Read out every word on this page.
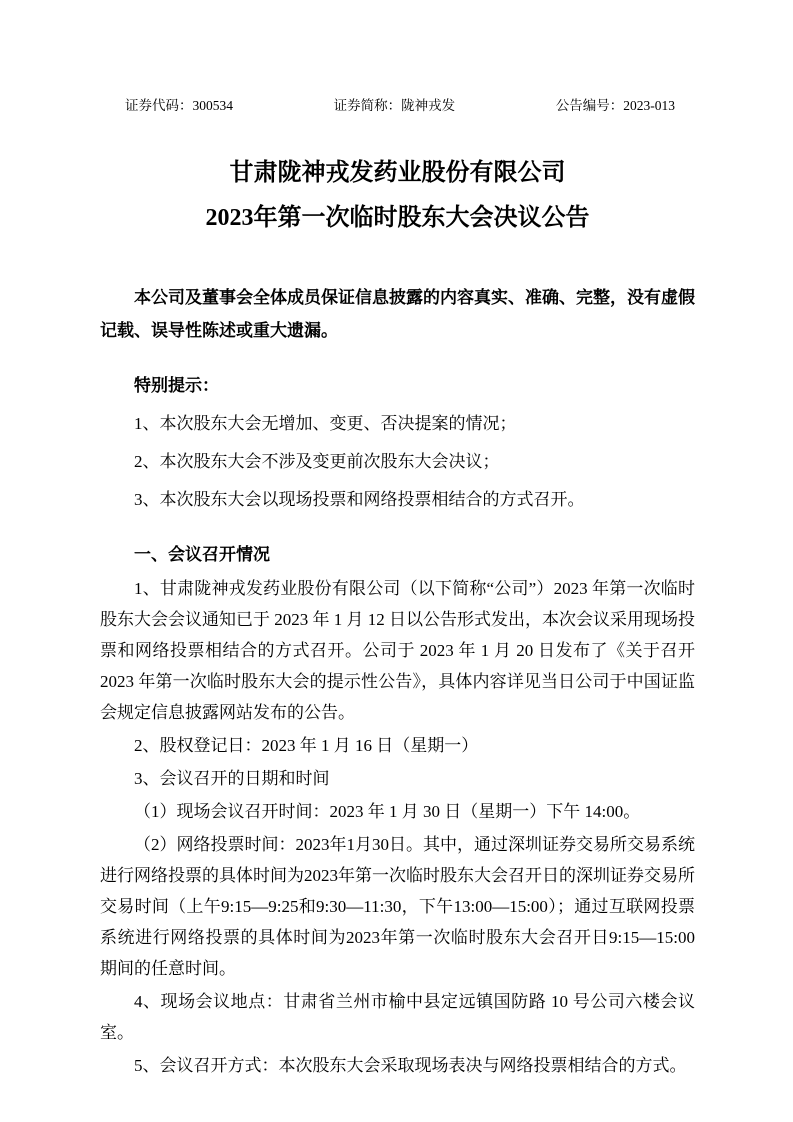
证券代码：300534	证券简称：陇神戎发	公告编号：2023-013
甘肃陇神戎发药业股份有限公司
2023年第一次临时股东大会决议公告

本公司及董事会全体成员保证信息披露的内容真实、准确、完整，没有虚假记载、误导性陈述或重大遗漏。

特别提示：

1、本次股东大会无增加、变更、否决提案的情况；

2、本次股东大会不涉及变更前次股东大会决议；

3、本次股东大会以现场投票和网络投票相结合的方式召开。

一、会议召开情况

1、甘肃陇神戎发药业股份有限公司（以下简称“公司”）2023 年第一次临时股东大会会议通知已于 2023 年 1 月 12 日以公告形式发出，本次会议采用现场投票和网络投票相结合的方式召开。公司于 2023 年 1 月 20 日发布了《关于召开 2023 年第一次临时股东大会的提示性公告》，具体内容详见当日公司于中国证监会规定信息披露网站发布的公告。

2、股权登记日：2023 年 1 月 16 日（星期一）

3、会议召开的日期和时间

（1）现场会议召开时间：2023 年 1 月 30 日（星期一）下午 14:00。

（2）网络投票时间：2023年1月30日。其中，通过深圳证券交易所交易系统进行网络投票的具体时间为2023年第一次临时股东大会召开日的深圳证券交易所交易时间（上午9:15—9:25和9:30—11:30，下午13:00—15:00）；通过互联网投票系统进行网络投票的具体时间为2023年第一次临时股东大会召开日9:15—15:00期间的任意时间。

4、现场会议地点：甘肃省兰州市榆中县定远镇国防路 10 号公司六楼会议室。

5、会议召开方式：本次股东大会采取现场表决与网络投票相结合的方式。
